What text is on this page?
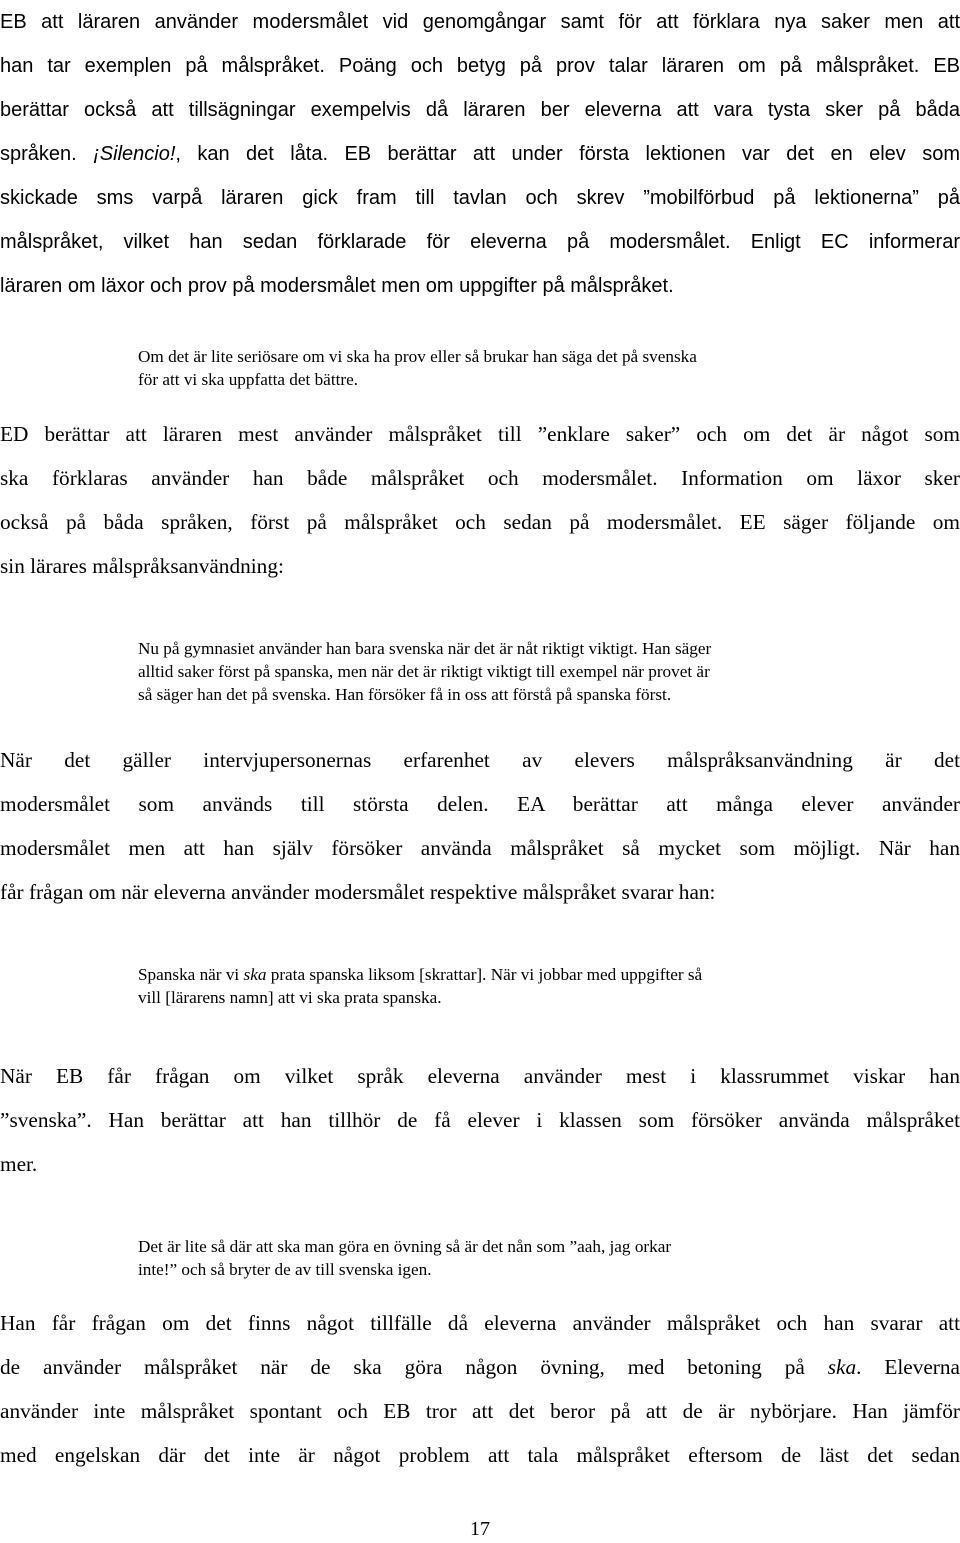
EB att läraren använder modersmålet vid genomgångar samt för att förklara nya saker men att
han tar exemplen på målspråket. Poäng och betyg på prov talar läraren om på målspråket. EB
berättar också att tillsägningar exempelvis då läraren ber eleverna att vara tysta sker på båda
språken. ¡Silencio!, kan det låta. EB berättar att under första lektionen var det en elev som
skickade sms varpå läraren gick fram till tavlan och skrev ”mobilförbud på lektionerna” på
målspråket, vilket han sedan förklarade för eleverna på modersmålet. Enligt EC informerar
läraren om läxor och prov på modersmålet men om uppgifter på målspråket.
Om det är lite seriösare om vi ska ha prov eller så brukar han säga det på svenska
för att vi ska uppfatta det bättre.
ED berättar att läraren mest använder målspråket till ”enklare saker” och om det är något som
ska förklaras använder han både målspråket och modersmålet. Information om läxor sker
också på båda språken, först på målspråket och sedan på modersmålet. EE säger följande om
sin lärares målspråksanvändning:
Nu på gymnasiet använder han bara svenska när det är nåt riktigt viktigt. Han säger
alltid saker först på spanska, men när det är riktigt viktigt till exempel när provet är
så säger han det på svenska. Han försöker få in oss att förstå på spanska först.
När det gäller intervjupersonernas erfarenhet av elevers målspråksanvändning är det
modersmålet som används till största delen. EA berättar att många elever använder
modersmålet men att han själv försöker använda målspråket så mycket som möjligt. När han
får frågan om när eleverna använder modersmålet respektive målspråket svarar han:
Spanska när vi ska prata spanska liksom [skrattar]. När vi jobbar med uppgifter så
vill [lärarens namn] att vi ska prata spanska.
När EB får frågan om vilket språk eleverna använder mest i klassrummet viskar han
”svenska”. Han berättar att han tillhör de få elever i klassen som försöker använda målspråket
mer.
Det är lite så där att ska man göra en övning så är det nån som ”aah, jag orkar
inte!” och så bryter de av till svenska igen.
Han får frågan om det finns något tillfälle då eleverna använder målspråket och han svarar att
de använder målspråket när de ska göra någon övning, med betoning på ska. Eleverna
använder inte målspråket spontant och EB tror att det beror på att de är nybörjare. Han jämför
med engelskan där det inte är något problem att tala målspråket eftersom de läst det sedan
17
